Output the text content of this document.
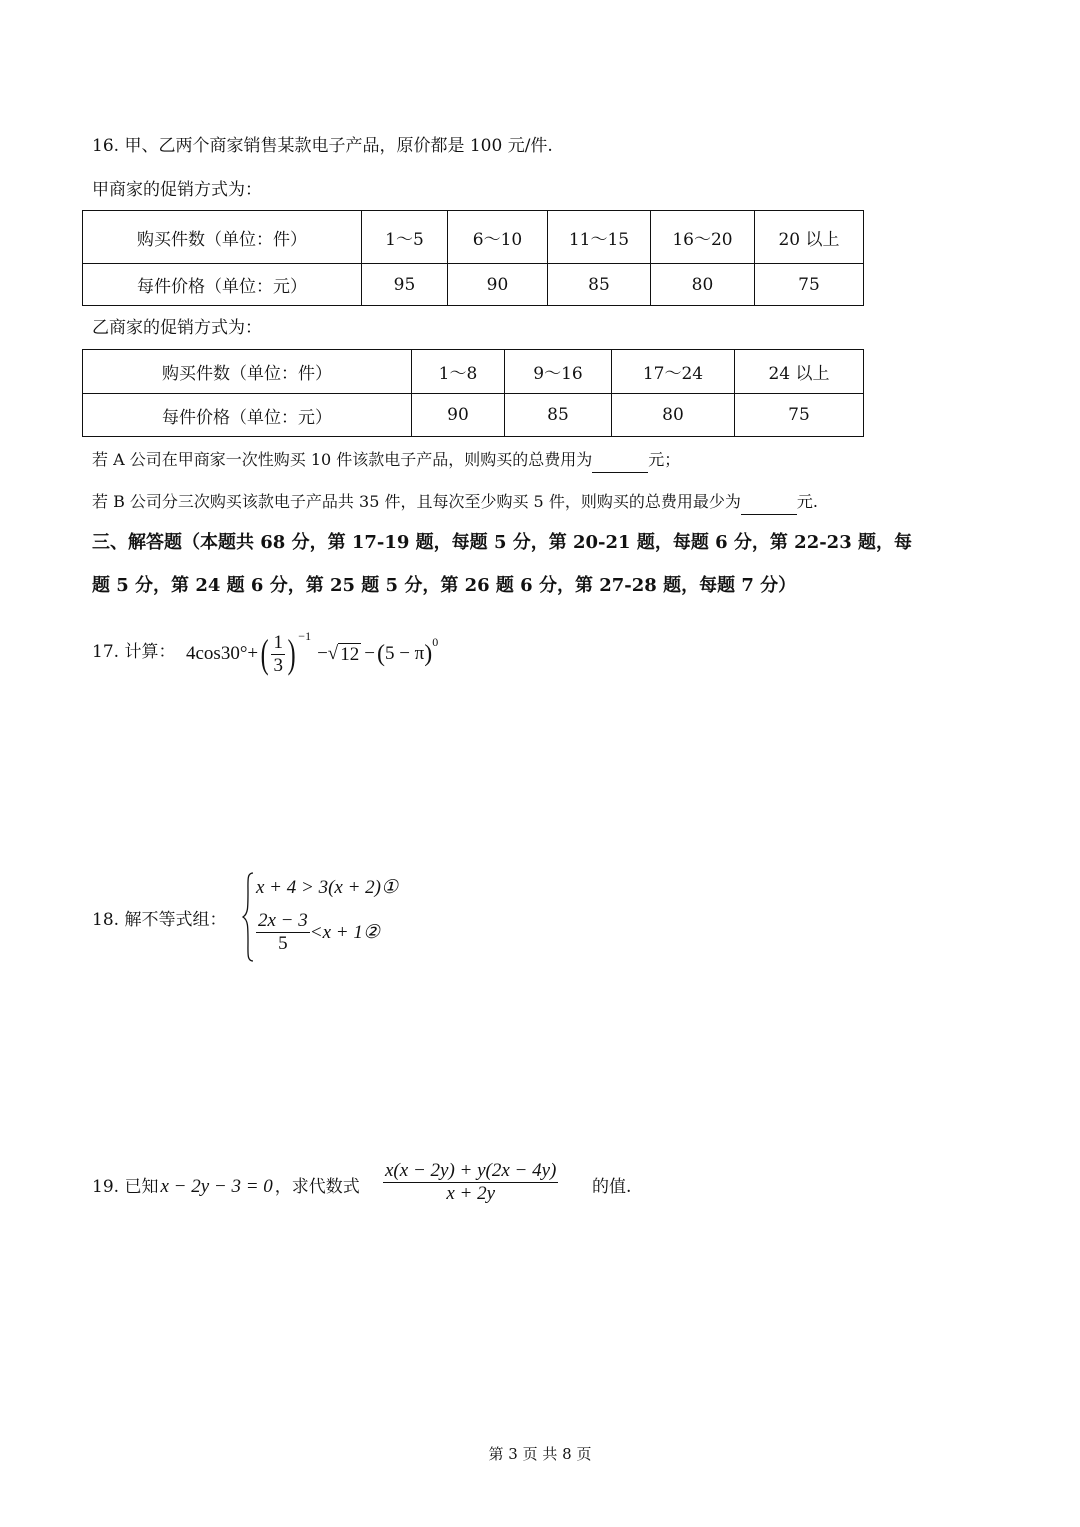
16. 甲、乙两个商家销售某款电子产品，原价都是 100 元/件.
甲商家的促销方式为：
购买件数（单位：件）	1～5	6～10	11～15	16～20	20 以上
每件价格（单位：元）	95	90	85	80	75
乙商家的促销方式为：
购买件数（单位：件）	1～8	9～16	17～24	24 以上
每件价格（单位：元）	90	85	80	75
若 A 公司在甲商家一次性购买 10 件该款电子产品，则购买的总费用为	元；
若 B 公司分三次购买该款电子产品共 35 件，且每次至少购买 5 件，则购买的总费用最少为	元.
三、解答题（本题共 68 分，第 17-19 题，每题 5 分，第 20-21 题，每题 6 分，第 22-23 题，每
题 5 分，第 24 题 6 分，第 25 题 5 分，第 26 题 6 分，第 27-28 题，每题 7 分）
17. 计算： 4cos30°+ ( $\frac{1}{3}$ ) −1
− √ 12 − ( 5 − π ) 0
18. 解不等式组：
x + 4 > 3(x + 2)①
$\frac{2x - 3}{5} <x$ + 1②
19. 已知 x − 2y − 3 = 0 ，求代数式 $\frac{x(x - 2y) + y(2x - 4y)}{x + 2y}$ 的值.
第 3 页 共 8 页
